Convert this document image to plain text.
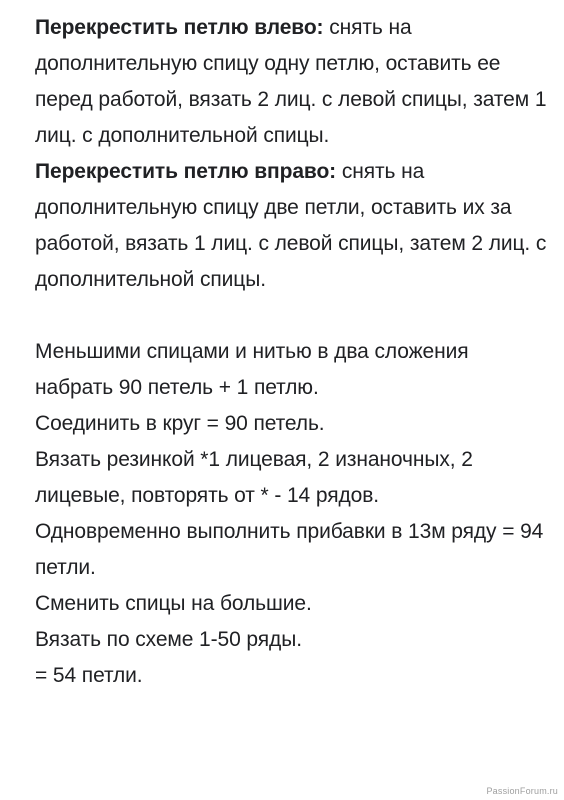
Перекрестить петлю влево: снять на дополнительную спицу одну петлю, оставить ее перед работой, вязать 2 лиц. с левой спицы, затем 1 лиц. с дополнительной спицы.

Перекрестить петлю вправо: снять на дополнительную спицу две петли, оставить их за работой, вязать 1 лиц. с левой спицы, затем 2 лиц. с дополнительной спицы.

Меньшими спицами и нитью в два сложения набрать 90 петель + 1 петлю.

Соединить в круг = 90 петель.

Вязать резинкой *1 лицевая, 2 изнаночных, 2 лицевые, повторять от * - 14 рядов.

Одновременно выполнить прибавки в 13м ряду = 94 петли.

Сменить спицы на большие.

Вязать по схеме 1-50 ряды.

= 54 петли.

PassionForum.ru
